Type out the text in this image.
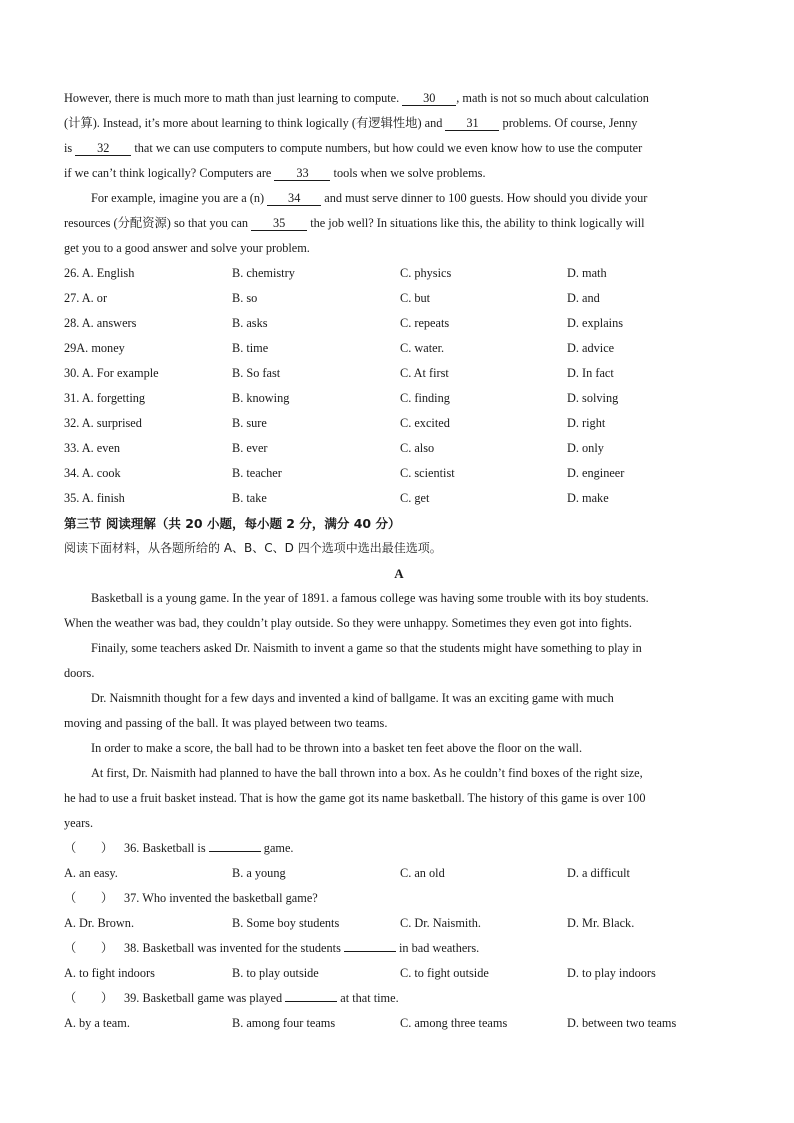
However, there is much more to math than just learning to compute. 30 , math is not so much about calculation
(计算). Instead, it’s more about learning to think logically (有逻辑性地) and 31 problems. Of course, Jenny
is 32 that we can use computers to compute numbers, but how could we even know how to use the computer
if we can’t think logically? Computers are 33 tools when we solve problems.
For example, imagine you are a (n) 34 and must serve dinner to 100 guests. How should you divide your
resources (分配资源) so that you can 35 the job well? In situations like this, the ability to think logically will
get you to a good answer and solve your problem.
26. A. English	B. chemistry	C. physics	D. math
27. A. or	B. so	C. but	D. and
28. A. answers	B. asks	C. repeats	D. explains
29A. money	B. time	C. water.	D. advice
30. A. For example	B. So fast	C. At first	D. In fact
31. A. forgetting	B. knowing	C. finding	D. solving
32. A. surprised	B. sure	C. excited	D. right
33. A. even	B. ever	C. also	D. only
34. A. cook	B. teacher	C. scientist	D. engineer
35. A. finish	B. take	C. get	D. make
第三节 阅读理解（共 20 小题，每小题 2 分，满分 40 分）
阅读下面材料，从各题所给的 A、B、C、D 四个选项中选出最佳选项。
A
Basketball is a young game. In the year of 1891. a famous college was having some trouble with its boy students.
When the weather was bad, they couldn’t play outside. So they were unhappy. Sometimes they even got into fights.
Finaily, some teachers asked Dr. Naismith to invent a game so that the students might have something to play in
doors.
Dr. Naismnith thought for a few days and invented a kind of ballgame. It was an exciting game with much
moving and passing of the ball. It was played between two teams.
In order to make a score, the ball had to be thrown into a basket ten feet above the floor on the wall.
At first, Dr. Naismith had planned to have the ball thrown into a box. As he couldn’t find boxes of the right size,
he had to use a fruit basket instead. That is how the game got its name basketball. The history of this game is over 100
years.
（　　） 36. Basketball is	game.
A. an easy.	B. a young	C. an old	D. a difficult
（　　） 37. Who invented the basketball game?
A. Dr. Brown.	B. Some boy students	C. Dr. Naismith.	D. Mr. Black.
（　　） 38. Basketball was invented for the students	in bad weathers.
A. to fight indoors	B. to play outside	C. to fight outside	D. to play indoors
（　　） 39. Basketball game was played	at that time.
A. by a team.	B. among four teams	C. among three teams	D. between two teams
